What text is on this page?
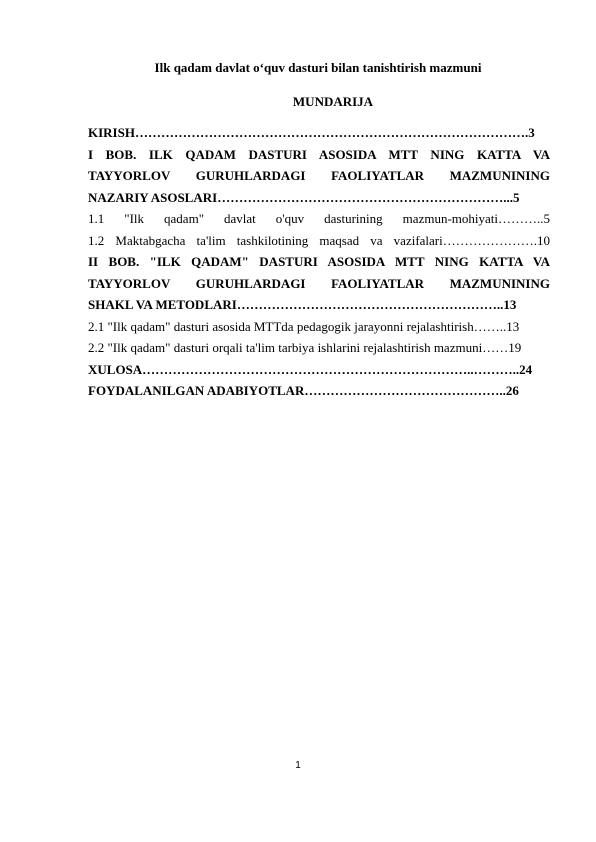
Ilk qadam davlat o‘quv dasturi bilan tanishtirish mazmuni
MUNDARIJA
KIRISH……………………………………………………………………………….3
I BOB. ILK QADAM DASTURI ASOSIDA MTT NING KATTA VA
TAYYORLOV GURUHLARDAGI FAOLIYATLAR MAZMUNINING
NAZARIY ASOSLARI…………………………………………………………...5
1.1 "Ilk qadam" davlat o'quv dasturining mazmun-mohiyati………..5
1.2 Maktabgacha ta'lim tashkilotining maqsad va vazifalari………………….10
II BOB. "ILK QADAM" DASTURI ASOSIDA MTT NING KATTA VA
TAYYORLOV GURUHLARDAGI FAOLIYATLAR MAZMUNINING
SHAKL VA METODLARI……………………………………………………..13
2.1 "Ilk qadam" dasturi asosida MTTda pedagogik jarayonni rejalashtirish……..13
2.2 "Ilk qadam" dasturi orqali ta'lim tarbiya ishlarini rejalashtirish mazmuni……19
XULOSA…………………………………………………………………..………..24
FOYDALANILGAN ADABIYOTLAR………………………………………..26
1
